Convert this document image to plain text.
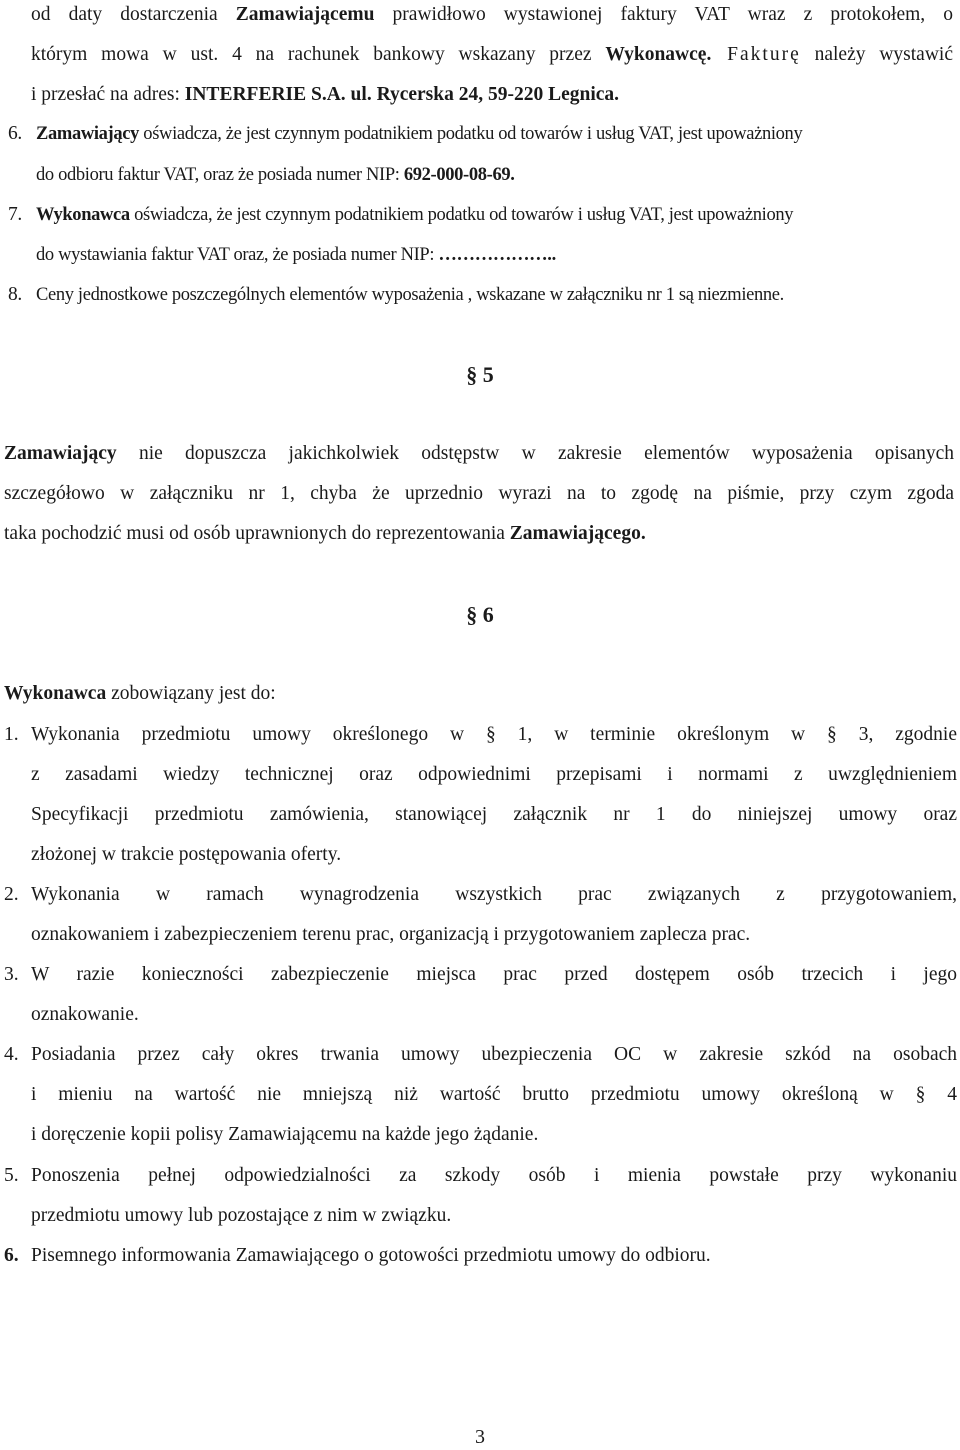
od daty dostarczenia Zamawiającemu prawidłowo wystawionej faktury VAT wraz z protokołem, o
którym mowa w ust. 4 na rachunek bankowy wskazany przez Wykonawcę. Fakturę należy wystawić
i przesłać na adres: INTERFERIE S.A. ul. Rycerska 24, 59-220 Legnica.
6. Zamawiający oświadcza, że jest czynnym podatnikiem podatku od towarów i usług VAT, jest upoważniony
do odbioru faktur VAT, oraz że posiada numer NIP: 692-000-08-69.
7. Wykonawca oświadcza, że jest czynnym podatnikiem podatku od towarów i usług VAT, jest upoważniony
do wystawiania faktur VAT oraz, że posiada numer NIP: ………………..
8. Ceny jednostkowe poszczególnych elementów wyposażenia , wskazane w załączniku nr 1 są niezmienne.
§ 5
Zamawiający nie dopuszcza jakichkolwiek odstępstw w zakresie elementów wyposażenia opisanych
szczegółowo w załączniku nr 1, chyba że uprzednio wyrazi na to zgodę na piśmie, przy czym zgoda
taka pochodzić musi od osób uprawnionych do reprezentowania Zamawiającego.
§ 6
Wykonawca zobowiązany jest do:
1. Wykonania przedmiotu umowy określonego w § 1, w terminie określonym w § 3, zgodnie
z zasadami wiedzy technicznej oraz odpowiednimi przepisami i normami z uwzględnieniem
Specyfikacji przedmiotu zamówienia, stanowiącej załącznik nr 1 do niniejszej umowy oraz
złożonej w trakcie postępowania oferty.
2. Wykonania w ramach wynagrodzenia wszystkich prac związanych z przygotowaniem,
oznakowaniem i zabezpieczeniem terenu prac, organizacją i przygotowaniem zaplecza prac.
3. W razie konieczności zabezpieczenie miejsca prac przed dostępem osób trzecich i jego
oznakowanie.
4. Posiadania przez cały okres trwania umowy ubezpieczenia OC w zakresie szkód na osobach
i mieniu na wartość nie mniejszą niż wartość brutto przedmiotu umowy określoną w § 4
i doręczenie kopii polisy Zamawiającemu na każde jego żądanie.
5. Ponoszenia pełnej odpowiedzialności za szkody osób i mienia powstałe przy wykonaniu
przedmiotu umowy lub pozostające z nim w związku.
6. Pisemnego informowania Zamawiającego o gotowości przedmiotu umowy do odbioru.
3
